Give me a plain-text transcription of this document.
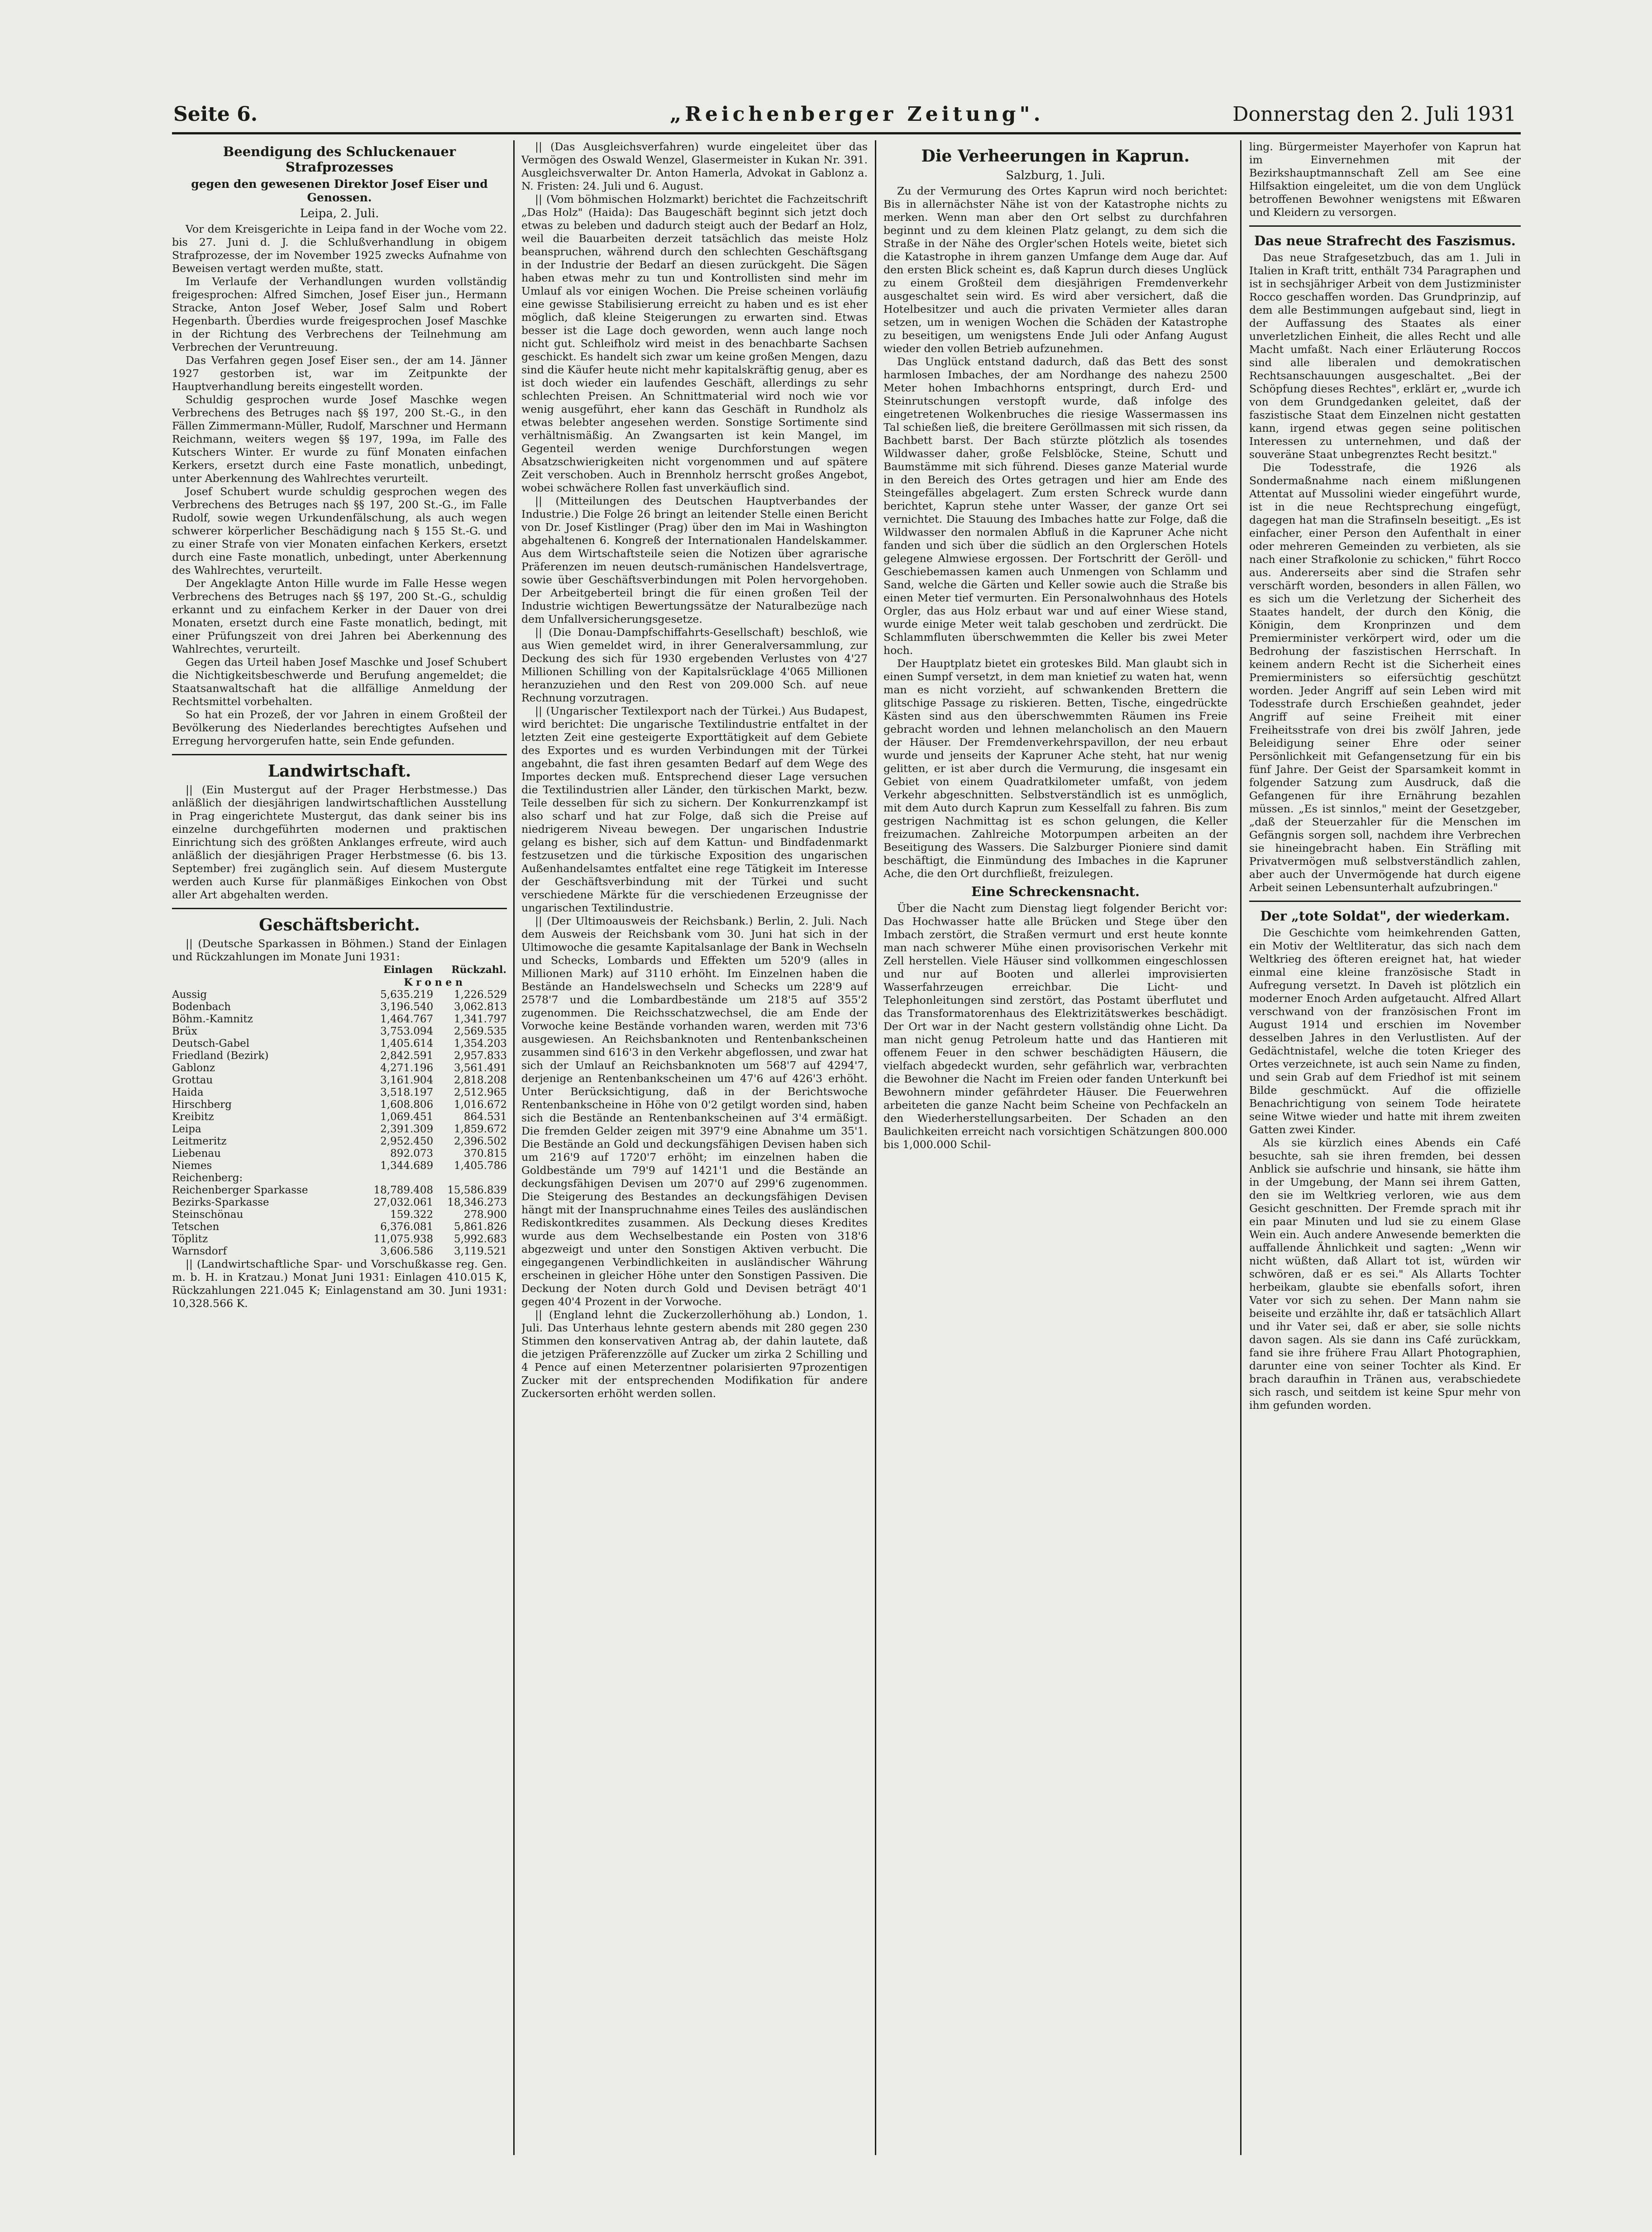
Seite 6.	„Reichenberger Zeitung".	Donnerstag den 2. Juli 1931
Beendigung des Schluckenauer Strafprozesses
gegen den gewesenen Direktor Josef Eiser und Genossen.
Leipa, 2. Juli.

Vor dem Kreisgerichte in Leipa fand in der Woche vom 22. bis 27. Juni d. J. die Schlußverhandlung in obigem Strafprozesse, der im November 1925 zwecks Aufnahme von Beweisen vertagt werden mußte, statt.

Im Verlaufe der Verhandlungen wurden vollständig freigesprochen: Alfred Simchen, Josef Eiser jun., Hermann Stracke, Anton Josef Weber, Josef Salm und Robert Hegenbarth. Überdies wurde freigesprochen Josef Maschke in der Richtung des Verbrechens der Teilnehmung am Verbrechen der Veruntreuung.

Das Verfahren gegen Josef Eiser sen., der am 14. Jänner 1927 gestorben ist, war im Zeitpunkte der Hauptverhandlung bereits eingestellt worden.

Schuldig gesprochen wurde Josef Maschke wegen Verbrechens des Betruges nach §§ 197, 200 St.-G., in den Fällen Zimmermann-Müller, Rudolf, Marschner und Hermann Reichmann, weiters wegen §§ 197, 199a, im Falle des Kutschers Winter. Er wurde zu fünf Monaten einfachen Kerkers, ersetzt durch eine Faste monatlich, unbedingt, unter Aberkennung des Wahlrechtes verurteilt.

Josef Schubert wurde schuldig gesprochen wegen des Verbrechens des Betruges nach §§ 197, 200 St.-G., im Falle Rudolf, sowie wegen Urkundenfälschung, als auch wegen schwerer körperlicher Beschädigung nach § 155 St.-G. und zu einer Strafe von vier Monaten einfachen Kerkers, ersetzt durch eine Faste monatlich, unbedingt, unter Aberkennung des Wahlrechtes, verurteilt.

Der Angeklagte Anton Hille wurde im Falle Hesse wegen Verbrechens des Betruges nach §§ 197, 200 St.-G., schuldig erkannt und zu einfachem Kerker in der Dauer von drei Monaten, ersetzt durch eine Faste monatlich, bedingt, mit einer Prüfungszeit von drei Jahren bei Aberkennung des Wahlrechtes, verurteilt.

Gegen das Urteil haben Josef Maschke und Josef Schubert die Nichtigkeitsbeschwerde und Berufung angemeldet; die Staatsanwaltschaft hat die allfällige Anmeldung der Rechtsmittel vorbehalten.

So hat ein Prozeß, der vor Jahren in einem Großteil der Bevölkerung des Niederlandes berechtigtes Aufsehen und Erregung hervorgerufen hatte, sein Ende gefunden.

Landwirtschaft.

|| (Ein Mustergut auf der Prager Herbstmesse.) Das anläßlich der diesjährigen landwirtschaftlichen Ausstellung in Prag eingerichtete Mustergut, das dank seiner bis ins einzelne durchgeführten modernen und praktischen Einrichtung sich des größten Anklanges erfreute, wird auch anläßlich der diesjährigen Prager Herbstmesse (6. bis 13. September) frei zugänglich sein. Auf diesem Mustergute werden auch Kurse für planmäßiges Einkochen von Obst aller Art abgehalten werden.

Geschäftsbericht.

|| (Deutsche Sparkassen in Böhmen.) Stand der Einlagen und Rückzahlungen im Monate Juni 1931:

	Einlagen	Rückzahl.
	K r o n e n	
Aussig	5,635.219	1,226.529
Bodenbach	3,196.540	3,062.813
Böhm.-Kamnitz	1,464.767	1,341.797
Brüx	3,753.094	2,569.535
Deutsch-Gabel	1,405.614	1,354.203
Friedland (Bezirk)	2,842.591	2,957.833
Gablonz	4,271.196	3,561.491
Grottau	3,161.904	2,818.208
Haida	3,518.197	2,512.965
Hirschberg	1,608.806	1,016.672
Kreibitz	1,069.451	864.531
Leipa	2,391.309	1,859.672
Leitmeritz	2,952.450	2,396.502
Liebenau	892.073	370.815
Niemes	1,344.689	1,405.786
Reichenberg:		
Reichenberger Sparkasse	18,789.408	15,586.839
Bezirks-Sparkasse	27,032.061	18,346.273
Steinschönau	159.322	278.900
Tetschen	6,376.081	5,861.826
Töplitz	11,075.938	5,992.683
Warnsdorf	3,606.586	3,119.521

|| (Landwirtschaftliche Spar- und Vorschußkasse reg. Gen. m. b. H. in Kratzau.) Monat Juni 1931: Einlagen 410.015 K, Rückzahlungen 221.045 K; Einlagenstand am 30. Juni 1931: 10,328.566 K.

|| (Das Ausgleichsverfahren) wurde eingeleitet über das Vermögen des Oswald Wenzel, Glasermeister in Kukan Nr. 391. Ausgleichsverwalter Dr. Anton Hamerla, Advokat in Gablonz a. N. Fristen: 24. Juli und 6. August.

|| (Vom böhmischen Holzmarkt) berichtet die Fachzeitschrift „Das Holz" (Haida): Das Baugeschäft beginnt sich jetzt doch etwas zu beleben und dadurch steigt auch der Bedarf an Holz, weil die Bauarbeiten derzeit tatsächlich das meiste Holz beanspruchen, während durch den schlechten Geschäftsgang in der Industrie der Bedarf an diesen zurückgeht. Die Sägen haben etwas mehr zu tun und Kontrollisten sind mehr im Umlauf als vor einigen Wochen. Die Preise scheinen vorläufig eine gewisse Stabilisierung erreicht zu haben und es ist eher möglich, daß kleine Steigerungen zu erwarten sind. Etwas besser ist die Lage doch geworden, wenn auch lange noch nicht gut. Schleifholz wird meist in des benachbarte Sachsen geschickt. Es handelt sich zwar um keine großen Mengen, dazu sind die Käufer heute nicht mehr kapitalskräftig genug, aber es ist doch wieder ein laufendes Geschäft, allerdings zu sehr schlechten Preisen. An Schnittmaterial wird noch wie vor wenig ausgeführt, eher kann das Geschäft in Rundholz als etwas belebter angesehen werden. Sonstige Sortimente sind verhältnismäßig. An Zwangsarten ist kein Mangel, im Gegenteil werden wenige Durchforstungen wegen Absatzschwierigkeiten nicht vorgenommen und auf spätere Zeit verschoben. Auch in Brennholz herrscht großes Angebot, wobei schwächere Rollen fast unverkäuflich sind.

|| (Mitteilungen des Deutschen Hauptverbandes der Industrie.) Die Folge 26 bringt an leitender Stelle einen Bericht von Dr. Josef Kistlinger (Prag) über den im Mai in Washington abgehaltenen 6. Kongreß der Internationalen Handelskammer. Aus dem Wirtschaftsteile seien die Notizen über agrarische Präferenzen im neuen deutsch-rumänischen Handelsvertrage, sowie über Geschäftsverbindungen mit Polen hervorgehoben. Der Arbeitgeberteil bringt die für einen großen Teil der Industrie wichtigen Bewertungssätze der Naturalbezüge nach dem Unfallversicherungsgesetze.

|| (Die Donau-Dampfschiffahrts-Gesellschaft) beschloß, wie aus Wien gemeldet wird, in ihrer Generalversammlung, zur Deckung des sich für 1930 ergebenden Verlustes von 4'27 Millionen Schilling von der Kapitalsrücklage 4'065 Millionen heranzuziehen und den Rest von 209.000 Sch. auf neue Rechnung vorzutragen.

|| (Ungarischer Textilexport nach der Türkei.) Aus Budapest, wird berichtet: Die ungarische Textilindustrie entfaltet in der letzten Zeit eine gesteigerte Exporttätigkeit auf dem Gebiete des Exportes und es wurden Verbindungen mit der Türkei angebahnt, die fast ihren gesamten Bedarf auf dem Wege des Importes decken muß. Entsprechend dieser Lage versuchen die Textilindustrien aller Länder, den türkischen Markt, bezw. Teile desselben für sich zu sichern. Der Konkurrenzkampf ist also scharf und hat zur Folge, daß sich die Preise auf niedrigerem Niveau bewegen. Der ungarischen Industrie gelang es bisher, sich auf dem Kattun- und Bindfadenmarkt festzusetzen und die türkische Exposition des ungarischen Außenhandelsamtes entfaltet eine rege Tätigkeit im Interesse der Geschäftsverbindung mit der Türkei und sucht verschiedene Märkte für die verschiedenen Erzeugnisse der ungarischen Textilindustrie.

|| (Der Ultimoausweis der Reichsbank.) Berlin, 2. Juli. Nach dem Ausweis der Reichsbank vom 30. Juni hat sich in der Ultimowoche die gesamte Kapitalsanlage der Bank in Wechseln und Schecks, Lombards und Effekten um 520'9 (alles in Millionen Mark) auf 3110 erhöht. Im Einzelnen haben die Bestände an Handelswechseln und Schecks um 228'9 auf 2578'7 und die Lombardbestände um 218'5 auf 355'2 zugenommen. Die Reichsschatzwechsel, die am Ende der Vorwoche keine Bestände vorhanden waren, werden mit 73'6 ausgewiesen. An Reichsbanknoten und Rentenbankscheinen zusammen sind 616'3 in den Verkehr abgeflossen, und zwar hat sich der Umlauf an Reichsbanknoten um 568'7 auf 4294'7, derjenige an Rentenbankscheinen um 47'6 auf 426'3 erhöht. Unter Berücksichtigung, daß in der Berichtswoche Rentenbankscheine in Höhe von 0'2 getilgt worden sind, haben sich die Bestände an Rentenbankscheinen auf 3'4 ermäßigt. Die fremden Gelder zeigen mit 397'9 eine Abnahme um 35'1. Die Bestände an Gold und deckungsfähigen Devisen haben sich um 216'9 auf 1720'7 erhöht; im einzelnen haben die Goldbestände um 79'9 auf 1421'1 und die Bestände an deckungsfähigen Devisen um 207'0 auf 299'6 zugenommen. Die Steigerung des Bestandes an deckungsfähigen Devisen hängt mit der Inanspruchnahme eines Teiles des ausländischen Rediskontkredites zusammen. Als Deckung dieses Kredites wurde aus dem Wechselbestande ein Posten von 318'6 abgezweigt und unter den Sonstigen Aktiven verbucht. Die eingegangenen Verbindlichkeiten in ausländischer Währung erscheinen in gleicher Höhe unter den Sonstigen Passiven. Die Deckung der Noten durch Gold und Devisen beträgt 40'1 gegen 40'4 Prozent in der Vorwoche.

|| (England lehnt die Zuckerzollerhöhung ab.) London, 1. Juli. Das Unterhaus lehnte gestern abends mit 280 gegen 230 Stimmen den konservativen Antrag ab, der dahin lautete, daß die jetzigen Präferenzzölle auf Zucker um zirka 2 Schilling und 4 Pence auf einen Meterzentner polarisierten 97prozentigen Zucker mit der entsprechenden Modifikation für andere Zuckersorten erhöht werden sollen.

Die Verheerungen in Kaprun.
Salzburg, 1. Juli.

Zu der Vermurung des Ortes Kaprun wird noch berichtet: Bis in allernächster Nähe ist von der Katastrophe nichts zu merken. Wenn man aber den Ort selbst zu durchfahren beginnt und zu dem kleinen Platz gelangt, zu dem sich die Straße in der Nähe des Orgler'schen Hotels weite, bietet sich die Katastrophe in ihrem ganzen Umfange dem Auge dar. Auf den ersten Blick scheint es, daß Kaprun durch dieses Unglück zu einem Großteil dem diesjährigen Fremdenverkehr ausgeschaltet sein wird. Es wird aber versichert, daß die Hotelbesitzer und auch die privaten Vermieter alles daran setzen, um in wenigen Wochen die Schäden der Katastrophe zu beseitigen, um wenigstens Ende Juli oder Anfang August wieder den vollen Betrieb aufzunehmen.

Das Unglück entstand dadurch, daß das Bett des sonst harmlosen Imbaches, der am Nordhange des nahezu 2500 Meter hohen Imbachhorns entspringt, durch Erd- und Steinrutschungen verstopft wurde, daß infolge des eingetretenen Wolkenbruches die riesige Wassermassen ins Tal schießen ließ, die breitere Geröllmassen mit sich rissen, da Bachbett barst. Der Bach stürzte plötzlich als tosendes Wildwasser daher, große Felsblöcke, Steine, Schutt und Baumstämme mit sich führend. Dieses ganze Material wurde in den Bereich des Ortes getragen und hier am Ende des Steingefälles abgelagert. Zum ersten Schreck wurde dann berichtet, Kaprun stehe unter Wasser, der ganze Ort sei vernichtet. Die Stauung des Imbaches hatte zur Folge, daß die Wildwasser den normalen Abfluß in die Kapruner Ache nicht fanden und sich über die südlich an den Orglerschen Hotels gelegene Almwiese ergossen. Der Fortschritt der Geröll- und Geschiebemassen kamen auch Unmengen von Schlamm und Sand, welche die Gärten und Keller sowie auch die Straße bis einen Meter tief vermurten. Ein Personalwohnhaus des Hotels Orgler, das aus Holz erbaut war und auf einer Wiese stand, wurde einige Meter weit talab geschoben und zerdrückt. Die Schlammfluten überschwemmten die Keller bis zwei Meter hoch.

Der Hauptplatz bietet ein groteskes Bild. Man glaubt sich in einen Sumpf versetzt, in dem man knietief zu waten hat, wenn man es nicht vorzieht, auf schwankenden Brettern die glitschige Passage zu riskieren. Betten, Tische, eingedrückte Kästen sind aus den überschwemmten Räumen ins Freie gebracht worden und lehnen melancholisch an den Mauern der Häuser. Der Fremdenverkehrspavillon, der neu erbaut wurde und jenseits der Kapruner Ache steht, hat nur wenig gelitten, er ist aber durch die Vermurung, die insgesamt ein Gebiet von einem Quadratkilometer umfaßt, von jedem Verkehr abgeschnitten. Selbstverständlich ist es unmöglich, mit dem Auto durch Kaprun zum Kesselfall zu fahren. Bis zum gestrigen Nachmittag ist es schon gelungen, die Keller freizumachen. Zahlreiche Motorpumpen arbeiten an der Beseitigung des Wassers. Die Salzburger Pioniere sind damit beschäftigt, die Einmündung des Imbaches in die Kapruner Ache, die den Ort durchfließt, freizulegen.

Eine Schreckensnacht.

Über die Nacht zum Dienstag liegt folgender Bericht vor: Das Hochwasser hatte alle Brücken und Stege über den Imbach zerstört, die Straßen vermurt und erst heute konnte man nach schwerer Mühe einen provisorischen Verkehr mit Zell herstellen. Viele Häuser sind vollkommen eingeschlossen und nur auf Booten und allerlei improvisierten Wasserfahrzeugen erreichbar. Die Licht- und Telephonleitungen sind zerstört, das Postamt überflutet und das Transformatorenhaus des Elektrizitätswerkes beschädigt. Der Ort war in der Nacht gestern vollständig ohne Licht. Da man nicht genug Petroleum hatte und das Hantieren mit offenem Feuer in den schwer beschädigten Häusern, die vielfach abgedeckt wurden, sehr gefährlich war, verbrachten die Bewohner die Nacht im Freien oder fanden Unterkunft bei Bewohnern minder gefährdeter Häuser. Die Feuerwehren arbeiteten die ganze Nacht beim Scheine von Pechfackeln an den Wiederherstellungsarbeiten. Der Schaden an den Baulichkeiten erreicht nach vorsichtigen Schätzungen 800.000 bis 1,000.000 Schil-

ling. Bürgermeister Mayerhofer von Kaprun hat im Einvernehmen mit der Bezirkshauptmannschaft Zell am See eine Hilfsaktion eingeleitet, um die von dem Unglück betroffenen Bewohner wenigstens mit Eßwaren und Kleidern zu versorgen.

Das neue Strafrecht des Faszismus.

Das neue Strafgesetzbuch, das am 1. Juli in Italien in Kraft tritt, enthält 734 Paragraphen und ist in sechsjähriger Arbeit von dem Justizminister Rocco geschaffen worden. Das Grundprinzip, auf dem alle Bestimmungen aufgebaut sind, liegt in der Auffassung des Staates als einer unverletzlichen Einheit, die alles Recht und alle Macht umfaßt. Nach einer Erläuterung Roccos sind alle liberalen und demokratischen Rechtsanschauungen ausgeschaltet. „Bei der Schöpfung dieses Rechtes", erklärt er, „wurde ich von dem Grundgedanken geleitet, daß der faszistische Staat dem Einzelnen nicht gestatten kann, irgend etwas gegen seine politischen Interessen zu unternehmen, und daß der souveräne Staat unbegrenztes Recht besitzt."

Die Todesstrafe, die 1926 als Sondermaßnahme nach einem mißlungenen Attentat auf Mussolini wieder eingeführt wurde, ist in die neue Rechtsprechung eingefügt, dagegen hat man die Strafinseln beseitigt. „Es ist einfacher, einer Person den Aufenthalt in einer oder mehreren Gemeinden zu verbieten, als sie nach einer Strafkolonie zu schicken," führt Rocco aus. Andererseits aber sind die Strafen sehr verschärft worden, besonders in allen Fällen, wo es sich um die Verletzung der Sicherheit des Staates handelt, der durch den König, die Königin, dem Kronprinzen und dem Premierminister verkörpert wird, oder um die Bedrohung der faszistischen Herrschaft. In keinem andern Recht ist die Sicherheit eines Premierministers so eifersüchtig geschützt worden. Jeder Angriff auf sein Leben wird mit Todesstrafe durch Erschießen geahndet, jeder Angriff auf seine Freiheit mit einer Freiheitsstrafe von drei bis zwölf Jahren, jede Beleidigung seiner Ehre oder seiner Persönlichkeit mit Gefangensetzung für ein bis fünf Jahre. Der Geist der Sparsamkeit kommt in folgender Satzung zum Ausdruck, daß die Gefangenen für ihre Ernährung bezahlen müssen. „Es ist sinnlos," meint der Gesetzgeber, „daß der Steuerzahler für die Menschen im Gefängnis sorgen soll, nachdem ihre Verbrechen sie hineingebracht haben. Ein Sträfling mit Privatvermögen muß selbstverständlich zahlen, aber auch der Unvermögende hat durch eigene Arbeit seinen Lebensunterhalt aufzubringen."

Der „tote Soldat", der wiederkam.

Die Geschichte vom heimkehrenden Gatten, ein Motiv der Weltliteratur, das sich nach dem Weltkrieg des öfteren ereignet hat, hat wieder einmal eine kleine französische Stadt in Aufregung versetzt. In Daveh ist plötzlich ein moderner Enoch Arden aufgetaucht. Alfred Allart verschwand von der französischen Front im August 1914 und erschien im November desselben Jahres in den Verlustlisten. Auf der Gedächtnistafel, welche die toten Krieger des Ortes verzeichnete, ist auch sein Name zu finden, und sein Grab auf dem Friedhof ist mit seinem Bilde geschmückt. Auf die offizielle Benachrichtigung von seinem Tode heiratete seine Witwe wieder und hatte mit ihrem zweiten Gatten zwei Kinder.

Als sie kürzlich eines Abends ein Café besuchte, sah sie ihren fremden, bei dessen Anblick sie aufschrie und hinsank, sie hätte ihm in der Umgebung, der Mann sei ihrem Gatten, den sie im Weltkrieg verloren, wie aus dem Gesicht geschnitten. Der Fremde sprach mit ihr ein paar Minuten und lud sie zu einem Glase Wein ein. Auch andere Anwesende bemerkten die auffallende Ähnlichkeit und sagten: „Wenn wir nicht wüßten, daß Allart tot ist, würden wir schwören, daß er es sei." Als Allarts Tochter herbeikam, glaubte sie ebenfalls sofort, ihren Vater vor sich zu sehen. Der Mann nahm sie beiseite und erzählte ihr, daß er tatsächlich Allart und ihr Vater sei, daß er aber, sie solle nichts davon sagen. Als sie dann ins Café zurückkam, fand sie ihre frühere Frau Allart Photographien, darunter eine von seiner Tochter als Kind. Er brach daraufhin in Tränen aus, verabschiedete sich rasch, und seitdem ist keine Spur mehr von ihm gefunden worden.
